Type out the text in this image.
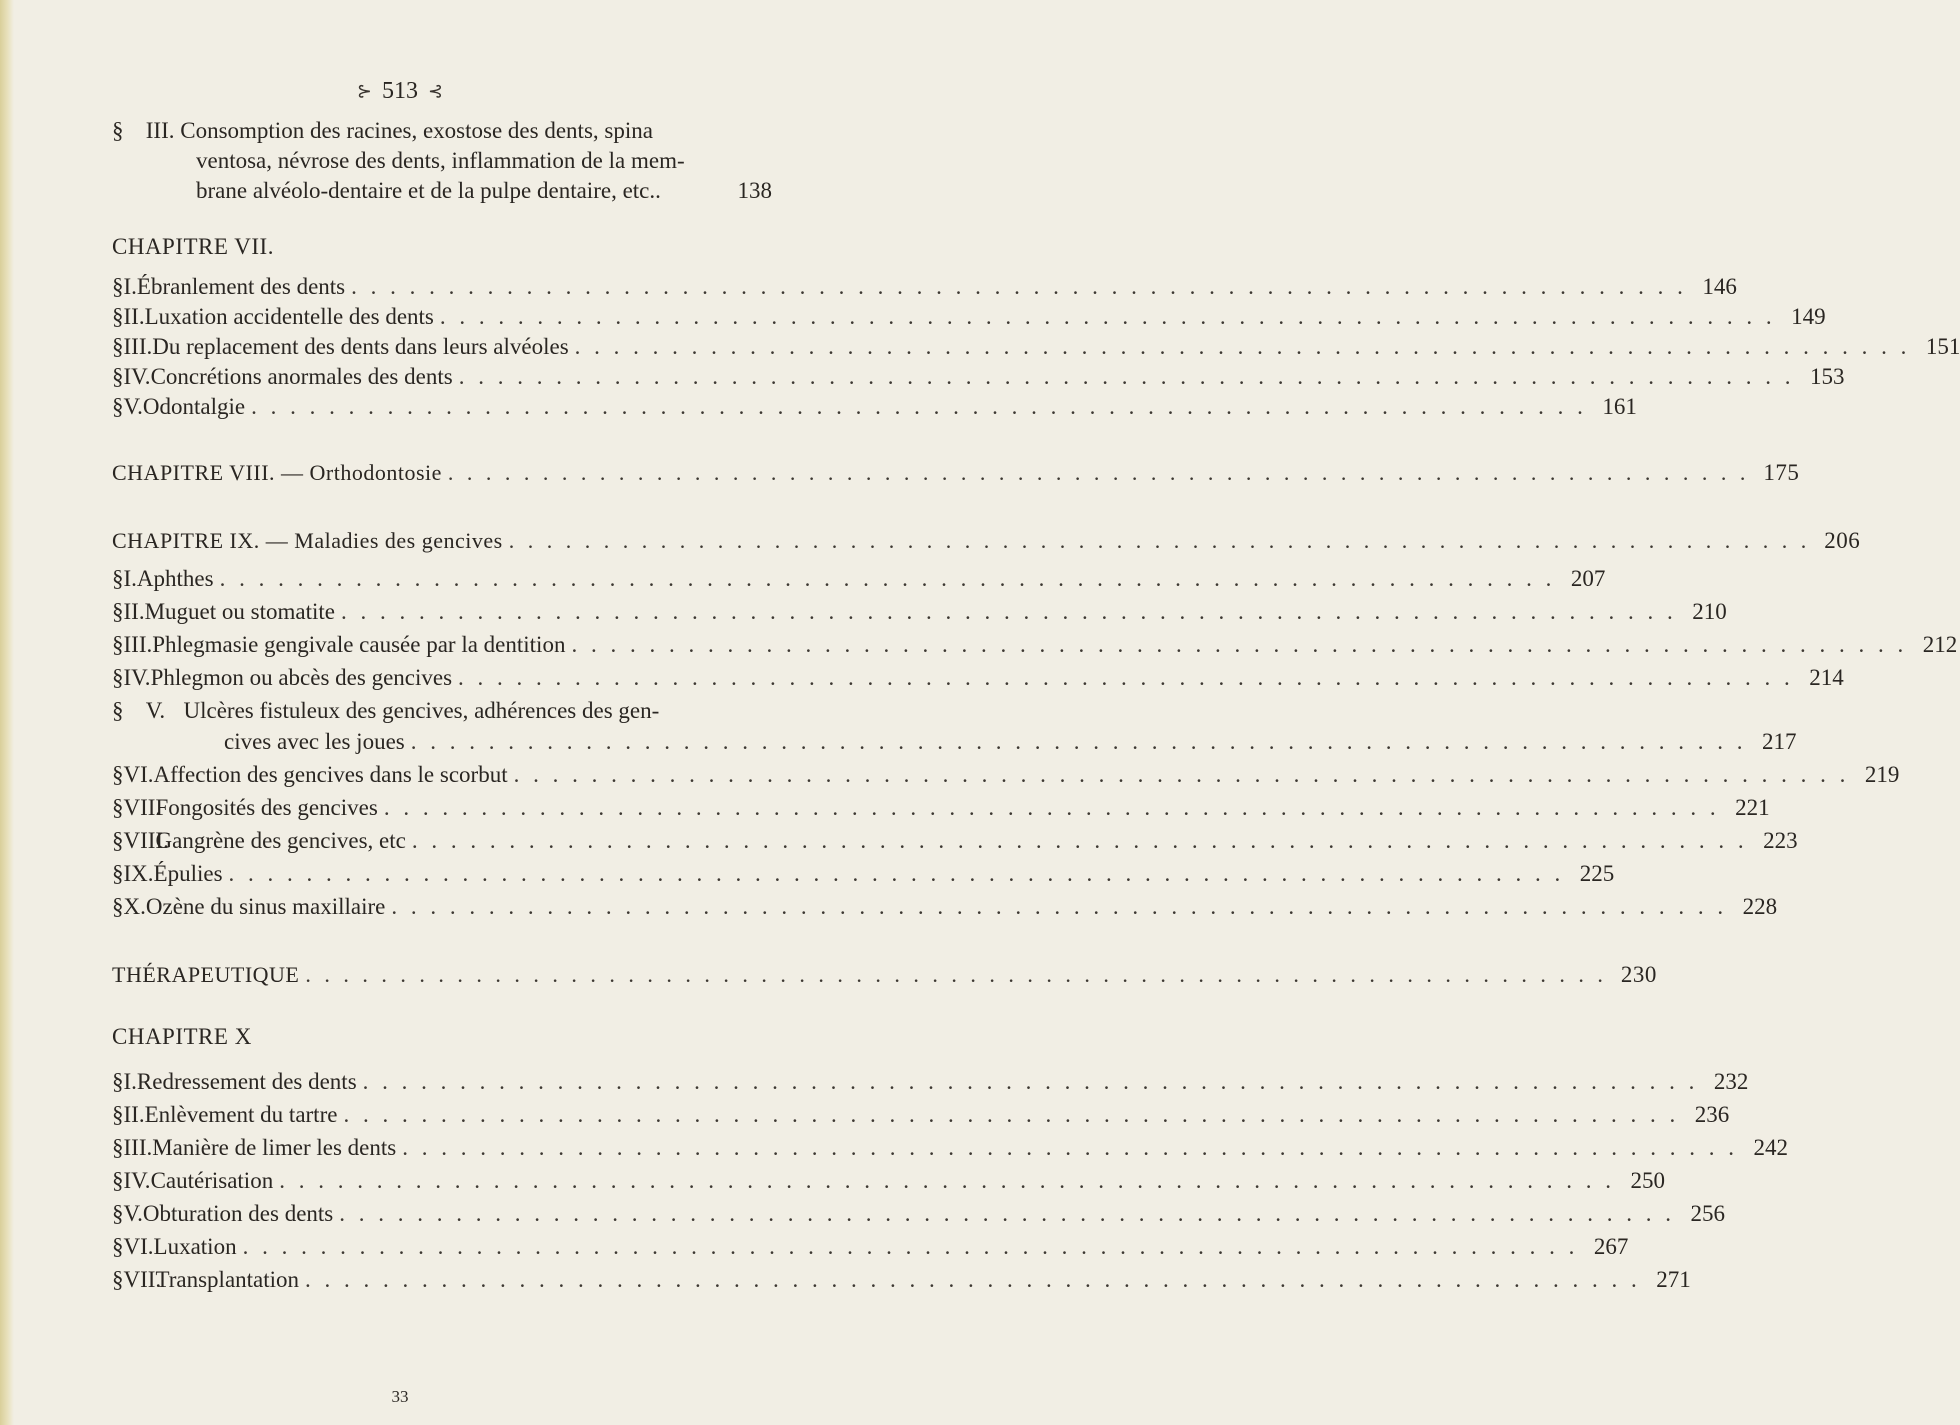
⊱ 513 ⊰
§ III. Consomption des racines, exostose des dents, spina
ventosa, névrose des dents, inflammation de la mem-
brane alvéolo-dentaire et de la pulpe dentaire, etc..	138
CHAPITRE VII.
§ I. Ébranlement des dents . . . . . . . . . . . . . . . . . . . . . . . . . . . . . . . . . . . . . . . . . . . . . . . . . . . . . . . . . . . . . . . . . . . . . 146
§ II. Luxation accidentelle des dents . . . . . . . . . . . . . . . . . . . . . . . . . . . . . . . . . . . . . . . . . . . . . . . . . . . . . . . . . . . . . . . . . . . . . 149
§ III. Du replacement des dents dans leurs alvéoles . . . . . . . . . . . . . . . . . . . . . . . . . . . . . . . . . . . . . . . . . . . . . . . . . . . . . . . . . . . . . . . . . . . . . 151
§ IV. Concrétions anormales des dents . . . . . . . . . . . . . . . . . . . . . . . . . . . . . . . . . . . . . . . . . . . . . . . . . . . . . . . . . . . . . . . . . . . . . 153
§ V. Odontalgie . . . . . . . . . . . . . . . . . . . . . . . . . . . . . . . . . . . . . . . . . . . . . . . . . . . . . . . . . . . . . . . . . . . . . 161
CHAPITRE VIII. — Orthodontosie . . . . . . . . . . . . . . . . . . . . . . . . . . . . . . . . . . . . . . . . . . . . . . . . . . . . . . . . . . . . . . . . . . . . . 175
CHAPITRE IX. — Maladies des gencives . . . . . . . . . . . . . . . . . . . . . . . . . . . . . . . . . . . . . . . . . . . . . . . . . . . . . . . . . . . . . . . . . . . . . 206
§ I. Aphthes . . . . . . . . . . . . . . . . . . . . . . . . . . . . . . . . . . . . . . . . . . . . . . . . . . . . . . . . . . . . . . . . . . . . . 207
§ II. Muguet ou stomatite . . . . . . . . . . . . . . . . . . . . . . . . . . . . . . . . . . . . . . . . . . . . . . . . . . . . . . . . . . . . . . . . . . . . . 210
§ III. Phlegmasie gengivale causée par la dentition . . . . . . . . . . . . . . . . . . . . . . . . . . . . . . . . . . . . . . . . . . . . . . . . . . . . . . . . . . . . . . . . . . . . . 212
§ IV. Phlegmon ou abcès des gencives . . . . . . . . . . . . . . . . . . . . . . . . . . . . . . . . . . . . . . . . . . . . . . . . . . . . . . . . . . . . . . . . . . . . . 214
§ V. Ulcères fistuleux des gencives, adhérences des gen-
cives avec les joues . . . . . . . . . . . . . . . . . . . . . . . . . . . . . . . . . . . . . . . . . . . . . . . . . . . . . . . . . . . . . . . . . . . . . 217
§ VI. Affection des gencives dans le scorbut . . . . . . . . . . . . . . . . . . . . . . . . . . . . . . . . . . . . . . . . . . . . . . . . . . . . . . . . . . . . . . . . . . . . . 219
§ VII.
Fongosités des gencives . . . . . . . . . . . . . . . . . . . . . . . . . . . . . . . . . . . . . . . . . . . . . . . . . . . . . . . . . . . . . . . . . . . . . 221
§ VIII.
Gangrène des gencives, etc . . . . . . . . . . . . . . . . . . . . . . . . . . . . . . . . . . . . . . . . . . . . . . . . . . . . . . . . . . . . . . . . . . . . . 223
§ IX. Épulies . . . . . . . . . . . . . . . . . . . . . . . . . . . . . . . . . . . . . . . . . . . . . . . . . . . . . . . . . . . . . . . . . . . . . 225
§ X. Ozène du sinus maxillaire . . . . . . . . . . . . . . . . . . . . . . . . . . . . . . . . . . . . . . . . . . . . . . . . . . . . . . . . . . . . . . . . . . . . . 228
THÉRAPEUTIQUE . . . . . . . . . . . . . . . . . . . . . . . . . . . . . . . . . . . . . . . . . . . . . . . . . . . . . . . . . . . . . . . . . . . . . 230
CHAPITRE X
§ I. Redressement des dents . . . . . . . . . . . . . . . . . . . . . . . . . . . . . . . . . . . . . . . . . . . . . . . . . . . . . . . . . . . . . . . . . . . . . 232
§ II. Enlèvement du tartre . . . . . . . . . . . . . . . . . . . . . . . . . . . . . . . . . . . . . . . . . . . . . . . . . . . . . . . . . . . . . . . . . . . . . 236
§ III. Manière de limer les dents . . . . . . . . . . . . . . . . . . . . . . . . . . . . . . . . . . . . . . . . . . . . . . . . . . . . . . . . . . . . . . . . . . . . . 242
§ IV. Cautérisation . . . . . . . . . . . . . . . . . . . . . . . . . . . . . . . . . . . . . . . . . . . . . . . . . . . . . . . . . . . . . . . . . . . . . 250
§ V. Obturation des dents . . . . . . . . . . . . . . . . . . . . . . . . . . . . . . . . . . . . . . . . . . . . . . . . . . . . . . . . . . . . . . . . . . . . . 256
§ VI. Luxation . . . . . . . . . . . . . . . . . . . . . . . . . . . . . . . . . . . . . . . . . . . . . . . . . . . . . . . . . . . . . . . . . . . . . 267
§ VII.
Transplantation . . . . . . . . . . . . . . . . . . . . . . . . . . . . . . . . . . . . . . . . . . . . . . . . . . . . . . . . . . . . . . . . . . . . . 271
33
